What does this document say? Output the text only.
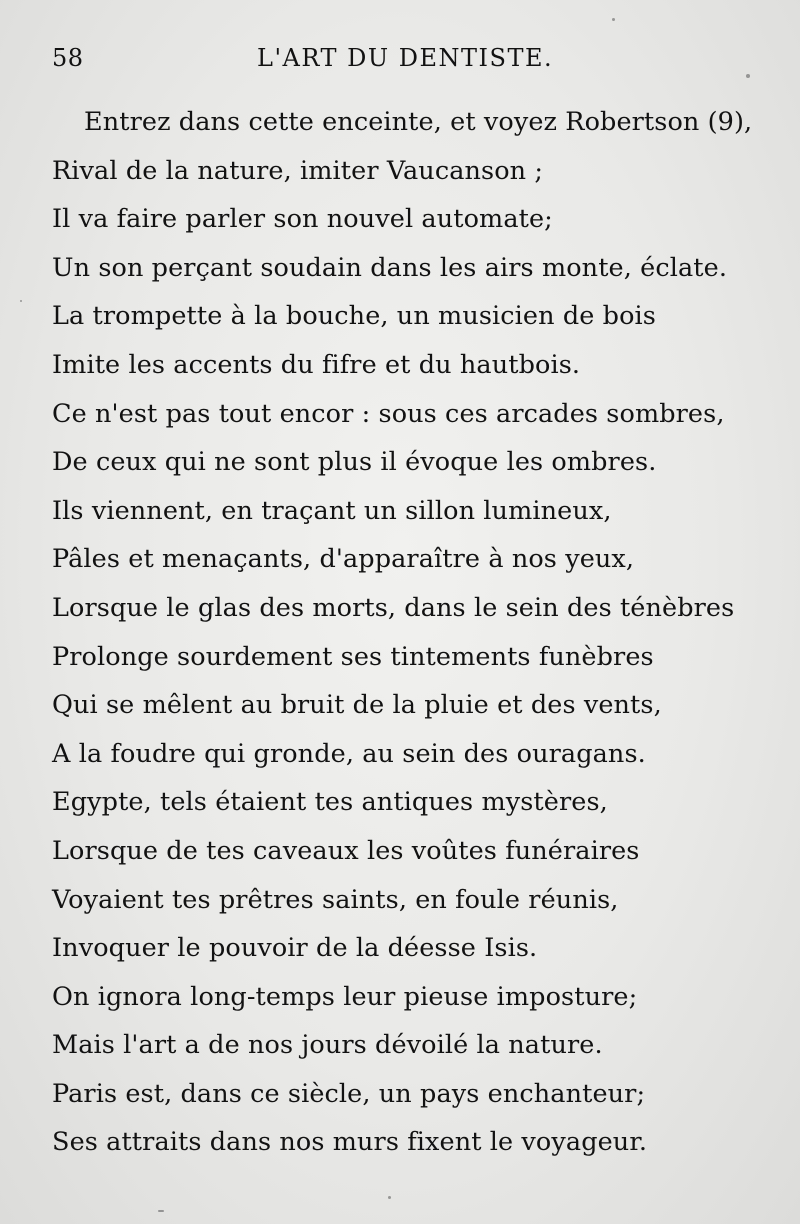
58	L'ART DU DENTISTE.
Entrez dans cette enceinte, et voyez Robertson (9),
Rival de la nature, imiter Vaucanson ;
Il va faire parler son nouvel automate;
Un son perçant soudain dans les airs monte, éclate.
La trompette à la bouche, un musicien de bois
Imite les accents du fifre et du hautbois.
Ce n'est pas tout encor : sous ces arcades sombres,
De ceux qui ne sont plus il évoque les ombres.
Ils viennent, en traçant un sillon lumineux,
Pâles et menaçants, d'apparaître à nos yeux,
Lorsque le glas des morts, dans le sein des ténèbres
Prolonge sourdement ses tintements funèbres
Qui se mêlent au bruit de la pluie et des vents,
A la foudre qui gronde, au sein des ouragans.
Egypte, tels étaient tes antiques mystères,
Lorsque de tes caveaux les voûtes funéraires
Voyaient tes prêtres saints, en foule réunis,
Invoquer le pouvoir de la déesse Isis.
On ignora long-temps leur pieuse imposture;
Mais l'art a de nos jours dévoilé la nature.
Paris est, dans ce siècle, un pays enchanteur;
Ses attraits dans nos murs fixent le voyageur.
